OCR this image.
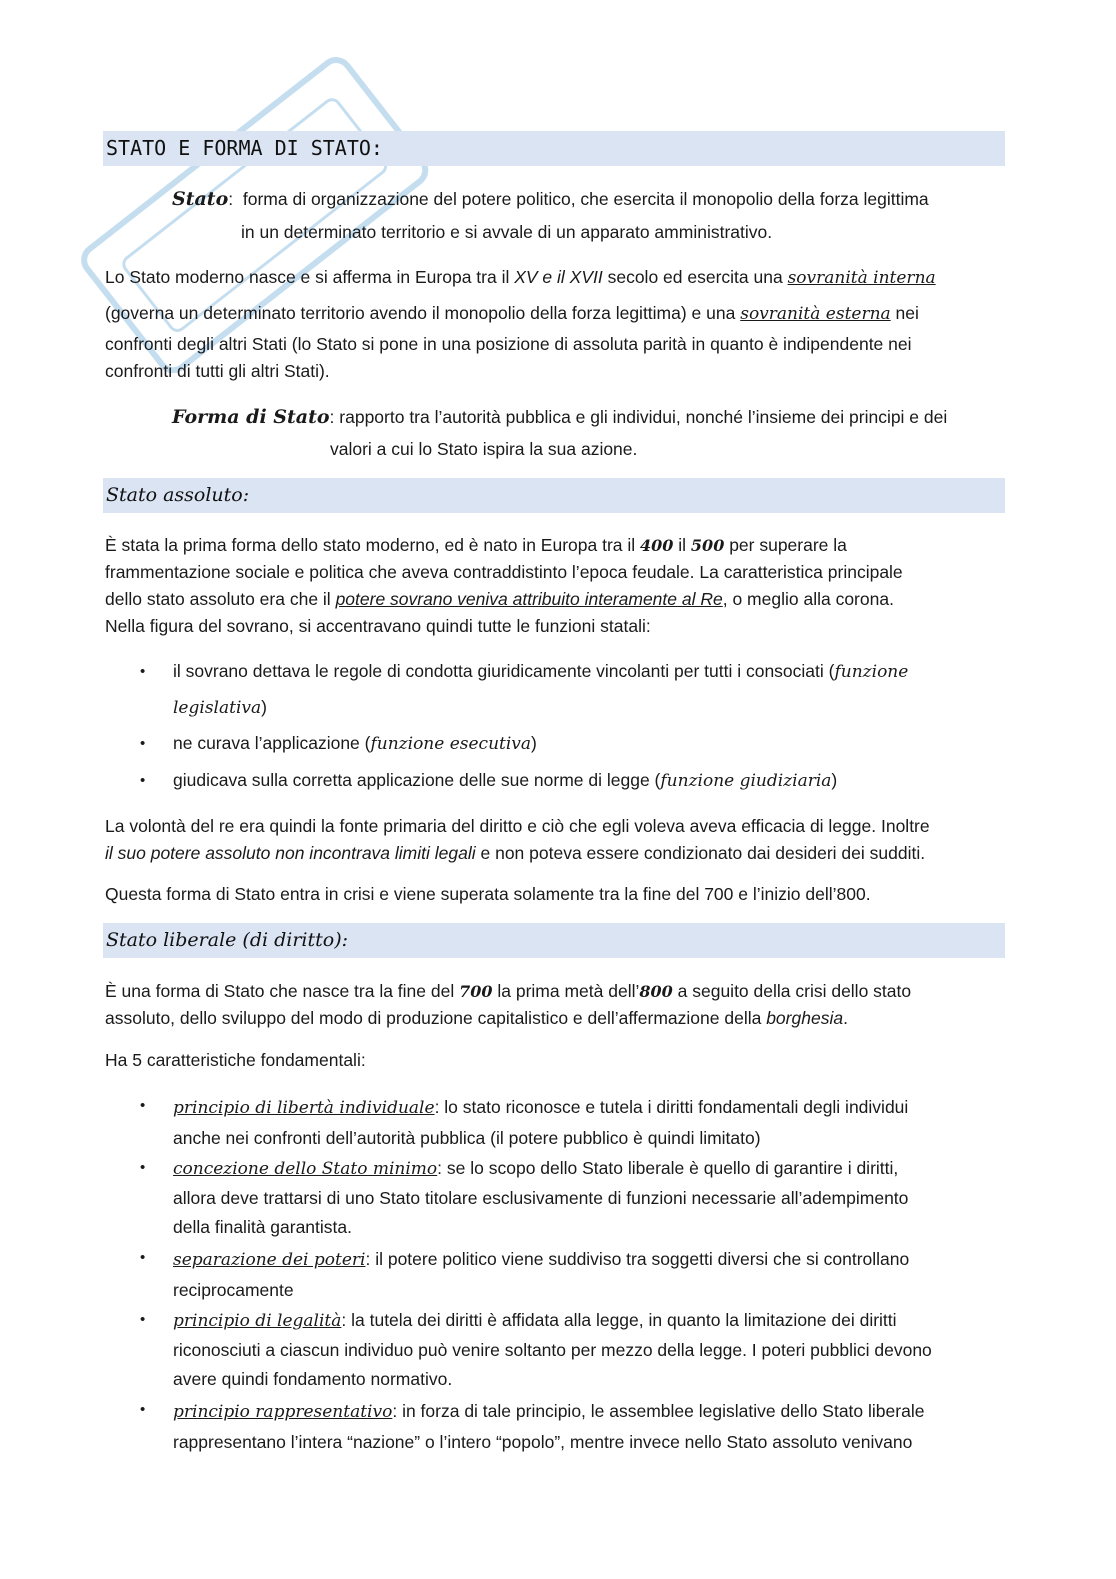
STATO E FORMA DI STATO:
Stato: forma di organizzazione del potere politico, che esercita il monopolio della forza legittima
in un determinato territorio e si avvale di un apparato amministrativo.
Lo Stato moderno nasce e si afferma in Europa tra il XV e il XVII secolo ed esercita una sovranità interna
(governa un determinato territorio avendo il monopolio della forza legittima) e una sovranità esterna nei
confronti degli altri Stati (lo Stato si pone in una posizione di assoluta parità in quanto è indipendente nei
confronti di tutti gli altri Stati).
Forma di Stato: rapporto tra l’autorità pubblica e gli individui, nonché l’insieme dei principi e dei
valori a cui lo Stato ispira la sua azione.
Stato assoluto:
È stata la prima forma dello stato moderno, ed è nato in Europa tra il 400 il 500 per superare la
frammentazione sociale e politica che aveva contraddistinto l’epoca feudale. La caratteristica principale
dello stato assoluto era che il potere sovrano veniva attribuito interamente al Re, o meglio alla corona.
Nella figura del sovrano, si accentravano quindi tutte le funzioni statali:
• il sovrano dettava le regole di condotta giuridicamente vincolanti per tutti i consociati (funzione
legislativa)
• ne curava l’applicazione (funzione esecutiva)
• giudicava sulla corretta applicazione delle sue norme di legge (funzione giudiziaria)
La volontà del re era quindi la fonte primaria del diritto e ciò che egli voleva aveva efficacia di legge. Inoltre
il suo potere assoluto non incontrava limiti legali e non poteva essere condizionato dai desideri dei sudditi.
Questa forma di Stato entra in crisi e viene superata solamente tra la fine del 700 e l’inizio dell’800.
Stato liberale (di diritto):
È una forma di Stato che nasce tra la fine del 700 la prima metà dell’800 a seguito della crisi dello stato
assoluto, dello sviluppo del modo di produzione capitalistico e dell’affermazione della borghesia.
Ha 5 caratteristiche fondamentali:
• principio di libertà individuale: lo stato riconosce e tutela i diritti fondamentali degli individui
anche nei confronti dell’autorità pubblica (il potere pubblico è quindi limitato)
• concezione dello Stato minimo: se lo scopo dello Stato liberale è quello di garantire i diritti,
allora deve trattarsi di uno Stato titolare esclusivamente di funzioni necessarie all’adempimento
della finalità garantista.
• separazione dei poteri: il potere politico viene suddiviso tra soggetti diversi che si controllano
reciprocamente
• principio di legalità: la tutela dei diritti è affidata alla legge, in quanto la limitazione dei diritti
riconosciuti a ciascun individuo può venire soltanto per mezzo della legge. I poteri pubblici devono
avere quindi fondamento normativo.
• principio rappresentativo: in forza di tale principio, le assemblee legislative dello Stato liberale
rappresentano l’intera “nazione” o l’intero “popolo”, mentre invece nello Stato assoluto venivano
